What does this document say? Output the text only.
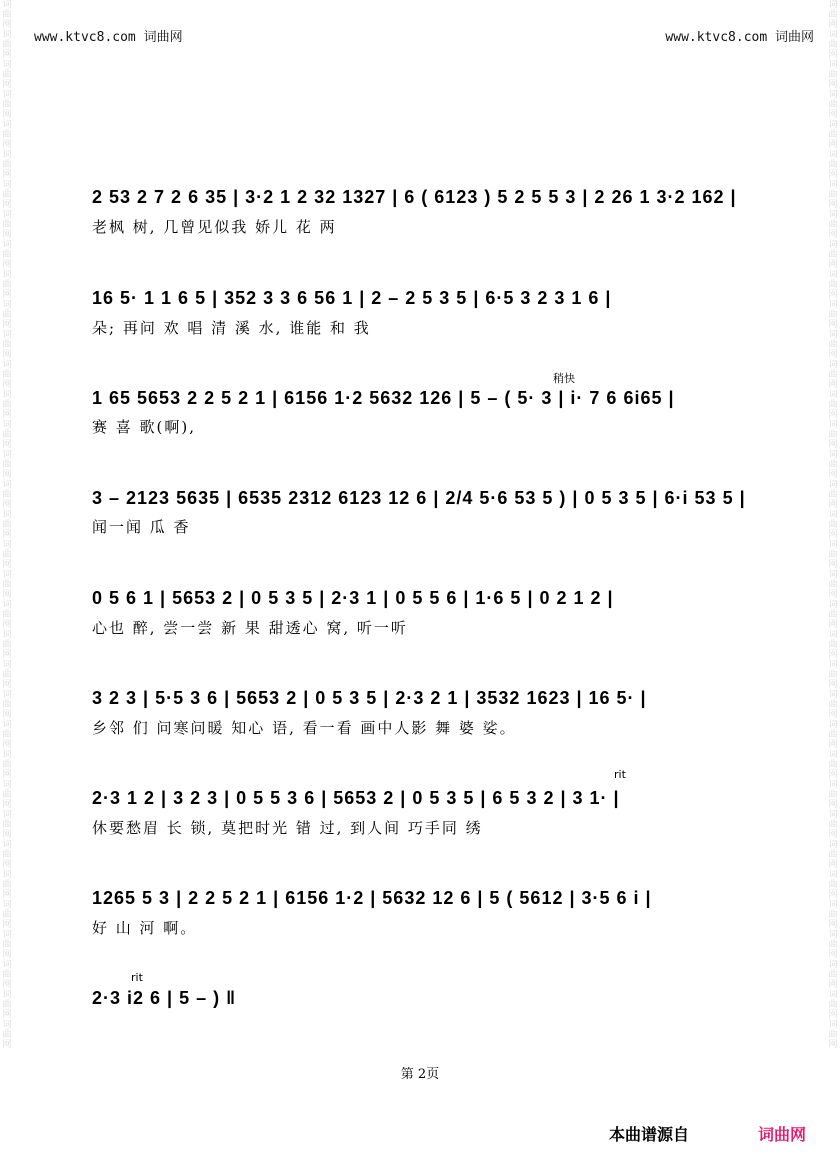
词曲网词曲网词曲网词曲网词曲网词曲网词曲网词曲网词曲网词曲网词曲网词曲网词曲网词曲网词曲网词曲网词曲网词曲网词曲网词曲网词曲网词曲网词曲网词曲网词曲网词曲网词曲网词曲网词曲网词曲网词曲网词曲网词曲网词曲网词曲网
词曲网词曲网词曲网词曲网词曲网词曲网词曲网词曲网词曲网词曲网词曲网词曲网词曲网词曲网词曲网词曲网词曲网词曲网词曲网词曲网词曲网词曲网词曲网词曲网词曲网词曲网词曲网词曲网词曲网词曲网词曲网词曲网词曲网词曲网词曲网
www.ktvc8.com 词曲网	www.ktvc8.com 词曲网
2 53 2 7 2 6 35 | 3·2 1 2 32 1327 | 6 ( 6123 ) 5 2 5 5 3 | 2 26 1 3·2 162 |
老枫 树, 几曾见似我 娇儿 花 两
16 5· 1 1 6 5 | 352 3 3 6 56 1 | 2 – 2 5 3 5 | 6·5 3 2 3 1 6 |
朵; 再问 欢 唱 清 溪 水, 谁能 和 我
稍快
1 65 5653 2 2 5 2 1 | 6156 1·2 5632 126 | 5 – ( 5· 3 | i· 7 6 6i65 |
赛 喜 歌(啊),
3 – 2123 5635 | 6535 2312 6123 12 6 | 2/4 5·6 53 5 ) | 0 5 3 5 | 6·i 53 5 |
闻一闻 瓜 香
0 5 6 1 | 5653 2 | 0 5 3 5 | 2·3 1 | 0 5 5 6 | 1·6 5 | 0 2 1 2 |
心也 醉, 尝一尝 新 果 甜透心 窝, 听一听
3 2 3 | 5·5 3 6 | 5653 2 | 0 5 3 5 | 2·3 2 1 | 3532 1623 | 16 5· |
乡邻 们 问寒问暖 知心 语, 看一看 画中人影 舞 婆 娑。
rit
2·3 1 2 | 3 2 3 | 0 5 5 3 6 | 5653 2 | 0 5 3 5 | 6 5 3 2 | 3 1· |
休要愁眉 长 锁, 莫把时光 错 过, 到人间 巧手同 绣
1265 5 3 | 2 2 5 2 1 | 6156 1·2 | 5632 12 6 | 5 ( 5612 | 3·5 6 i |
好 山 河 啊。
rit
2·3 i2 6 | 5 – ) ‖
第 2页
本曲谱源自	词曲网
